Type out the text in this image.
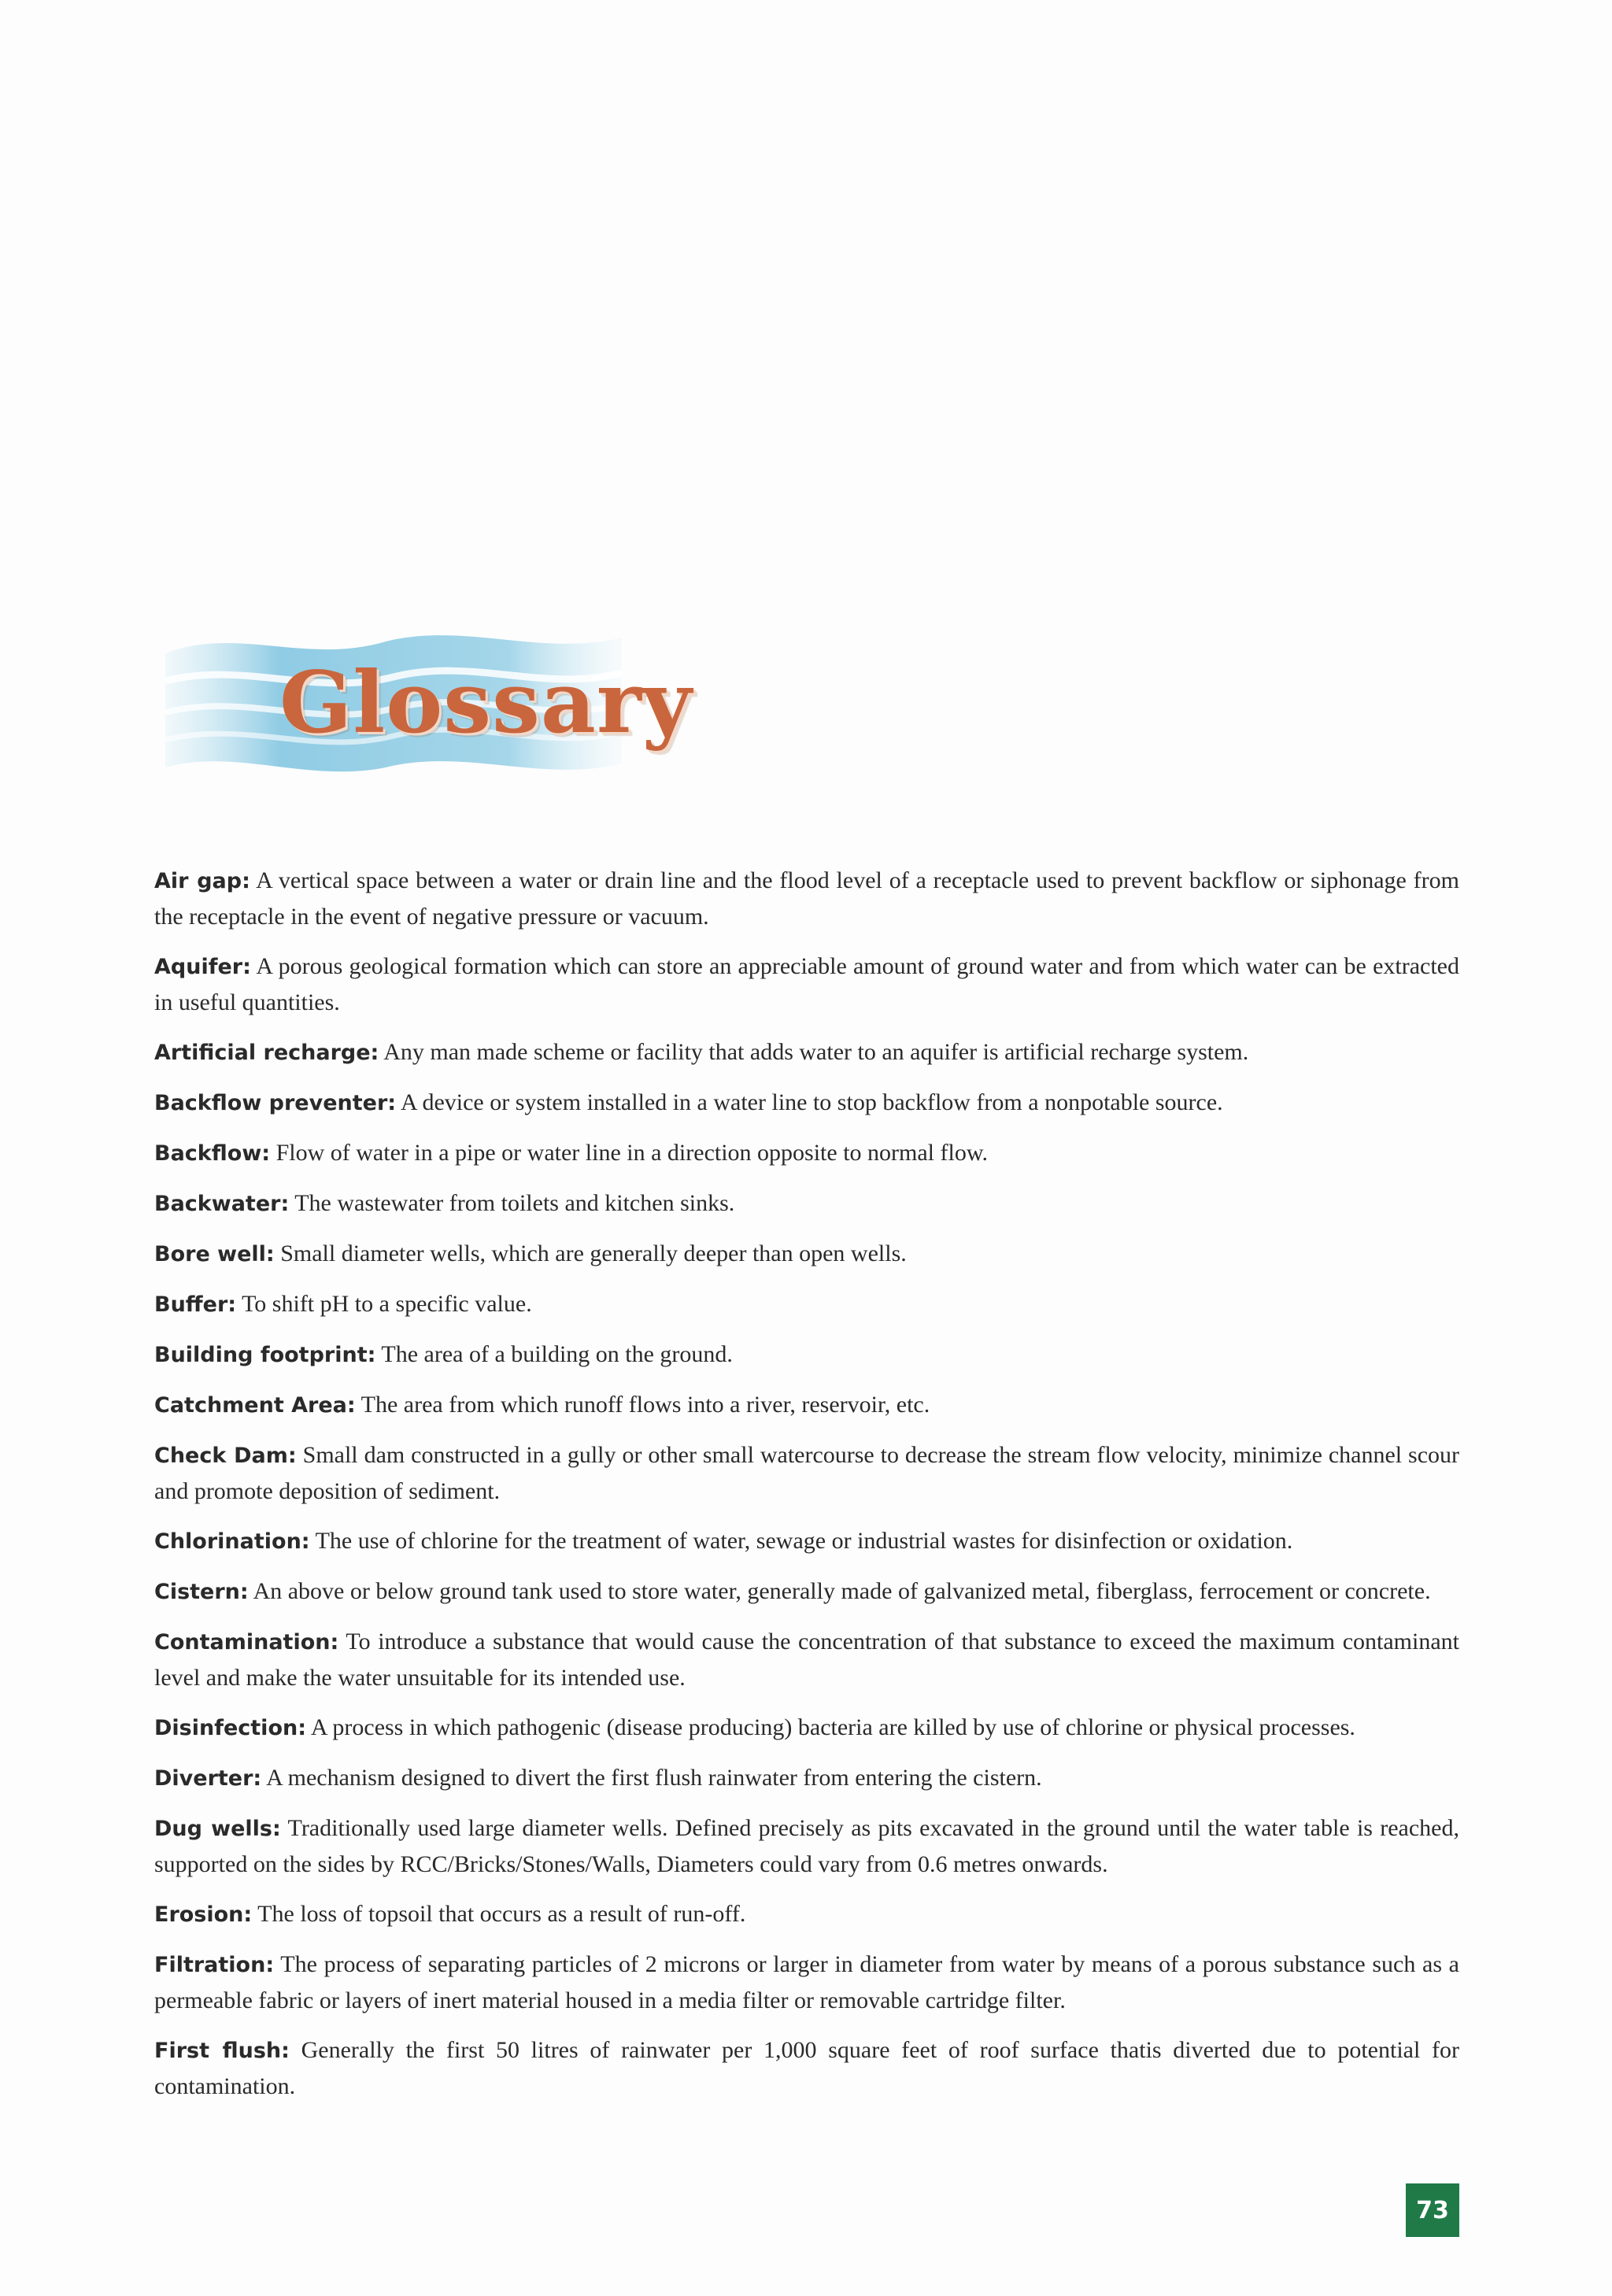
Glossary

Air gap: A vertical space between a water or drain line and the flood level of a receptacle used to prevent backflow or siphonage from the receptacle in the event of negative pressure or vacuum.

Aquifer: A porous geological formation which can store an appreciable amount of ground water and from which water can be extracted in useful quantities.

Artificial recharge: Any man made scheme or facility that adds water to an aquifer is artificial recharge system.

Backflow preventer: A device or system installed in a water line to stop backflow from a nonpotable source.

Backflow: Flow of water in a pipe or water line in a direction opposite to normal flow.

Backwater: The wastewater from toilets and kitchen sinks.

Bore well: Small diameter wells, which are generally deeper than open wells.

Buffer: To shift pH to a specific value.

Building footprint: The area of a building on the ground.

Catchment Area: The area from which runoff flows into a river, reservoir, etc.

Check Dam: Small dam constructed in a gully or other small watercourse to decrease the stream flow velocity, minimize channel scour and promote deposition of sediment.

Chlorination: The use of chlorine for the treatment of water, sewage or industrial wastes for disinfection or oxidation.

Cistern: An above or below ground tank used to store water, generally made of galvanized metal, fiberglass, ferrocement or concrete.

Contamination: To introduce a substance that would cause the concentration of that substance to exceed the maximum contaminant level and make the water unsuitable for its intended use.

Disinfection: A process in which pathogenic (disease producing) bacteria are killed by use of chlorine or physical processes.

Diverter: A mechanism designed to divert the first flush rainwater from entering the cistern.

Dug wells: Traditionally used large diameter wells. Defined precisely as pits excavated in the ground until the water table is reached, supported on the sides by RCC/Bricks/Stones/Walls, Diameters could vary from 0.6 metres onwards.

Erosion: The loss of topsoil that occurs as a result of run-off.

Filtration: The process of separating particles of 2 microns or larger in diameter from water by means of a porous substance such as a permeable fabric or layers of inert material housed in a media filter or removable cartridge filter.

First flush: Generally the first 50 litres of rainwater per 1,000 square feet of roof surface thatis diverted due to potential for contamination.

73
